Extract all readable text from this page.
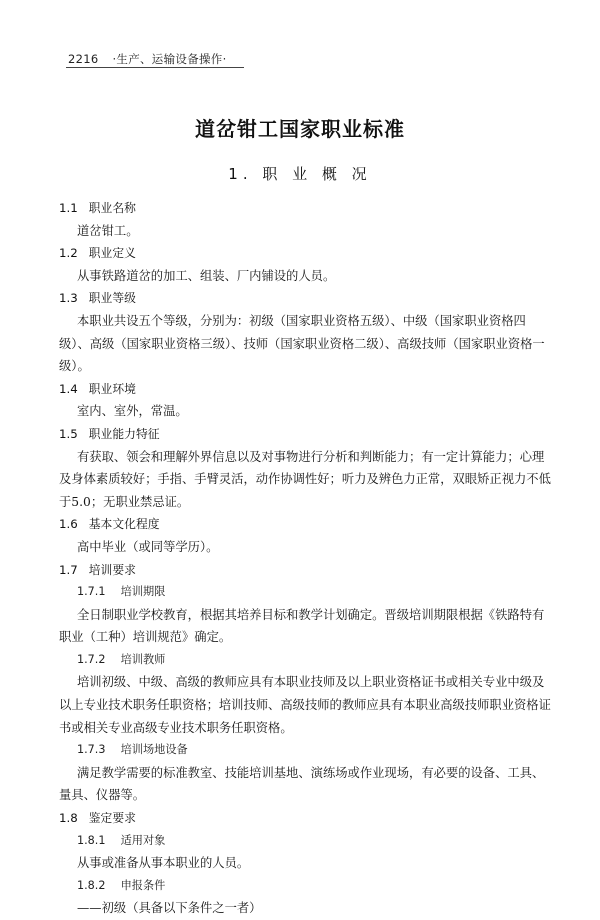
2216 ·生产、运输设备操作·
道岔钳工国家职业标准
1. 职 业 概 况
1.1 职业名称
道岔钳工。
1.2 职业定义
从事铁路道岔的加工、组装、厂内铺设的人员。
1.3 职业等级
本职业共设五个等级，分别为：初级（国家职业资格五级）、中级（国家职业资格四
级）、高级（国家职业资格三级）、技师（国家职业资格二级）、高级技师（国家职业资格一
级）。
1.4 职业环境
室内、室外，常温。
1.5 职业能力特征
有获取、领会和理解外界信息以及对事物进行分析和判断能力；有一定计算能力；心理
及身体素质较好；手指、手臂灵活，动作协调性好；听力及辨色力正常，双眼矫正视力不低
于5.0；无职业禁忌证。
1.6 基本文化程度
高中毕业（或同等学历）。
1.7 培训要求
1.7.1 培训期限
全日制职业学校教育，根据其培养目标和教学计划确定。晋级培训期限根据《铁路特有
职业（工种）培训规范》确定。
1.7.2 培训教师
培训初级、中级、高级的教师应具有本职业技师及以上职业资格证书或相关专业中级及
以上专业技术职务任职资格；培训技师、高级技师的教师应具有本职业高级技师职业资格证
书或相关专业高级专业技术职务任职资格。
1.7.3 培训场地设备
满足教学需要的标准教室、技能培训基地、演练场或作业现场，有必要的设备、工具、
量具、仪器等。
1.8 鉴定要求
1.8.1 适用对象
从事或准备从事本职业的人员。
1.8.2 申报条件
——初级（具备以下条件之一者）
